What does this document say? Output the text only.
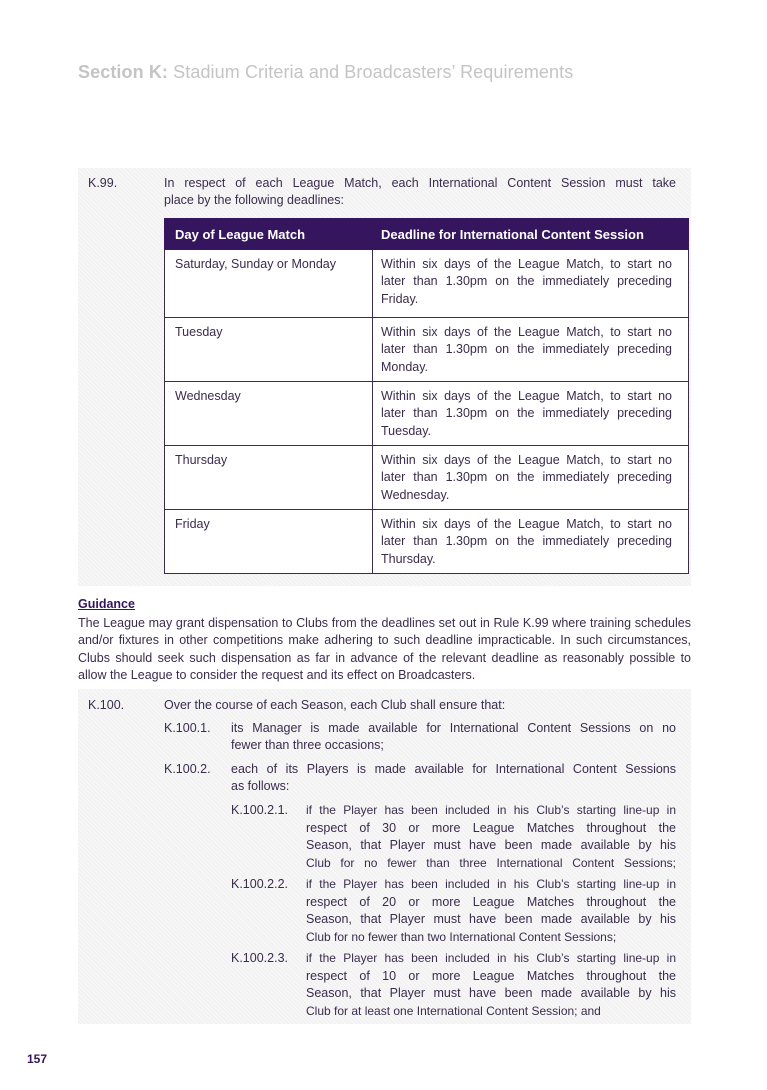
Section K: Stadium Criteria and Broadcasters’ Requirements
K.99.	In respect of each League Match, each International Content Session must take
place by the following deadlines:
Day of League Match	Deadline for International Content Session
Saturday, Sunday or Monday	Within six days of the League Match, to start no later than 1.30pm on the immediately preceding Friday.

Tuesday	Within six days of the League Match, to start no later than 1.30pm on the immediately preceding Monday.

Wednesday	Within six days of the League Match, to start no later than 1.30pm on the immediately preceding Tuesday.

Thursday	Within six days of the League Match, to start no later than 1.30pm on the immediately preceding Wednesday.

Friday	Within six days of the League Match, to start no later than 1.30pm on the immediately preceding Thursday.
Guidance
The League may grant dispensation to Clubs from the deadlines set out in Rule K.99 where training schedules and/or fixtures in other competitions make adhering to such deadline impracticable. In such circumstances, Clubs should seek such dispensation as far in advance of the relevant deadline as reasonably possible to allow the League to consider the request and its effect on Broadcasters.
K.100.	Over the course of each Season, each Club shall ensure that:
K.100.1. its Manager is made available for International Content Sessions on no
fewer than three occasions;
K.100.2. each of its Players is made available for International Content Sessions
as follows:
K.100.2.1. if the Player has been included in his Club’s starting line-up in
respect of 30 or more League Matches throughout the
Season, that Player must have been made available by his
Club for no fewer than three International Content Sessions;
K.100.2.2. if the Player has been included in his Club’s starting line-up in
respect of 20 or more League Matches throughout the
Season, that Player must have been made available by his
Club for no fewer than two International Content Sessions;
K.100.2.3. if the Player has been included in his Club’s starting line-up in
respect of 10 or more League Matches throughout the
Season, that Player must have been made available by his
Club for at least one International Content Session; and
157
